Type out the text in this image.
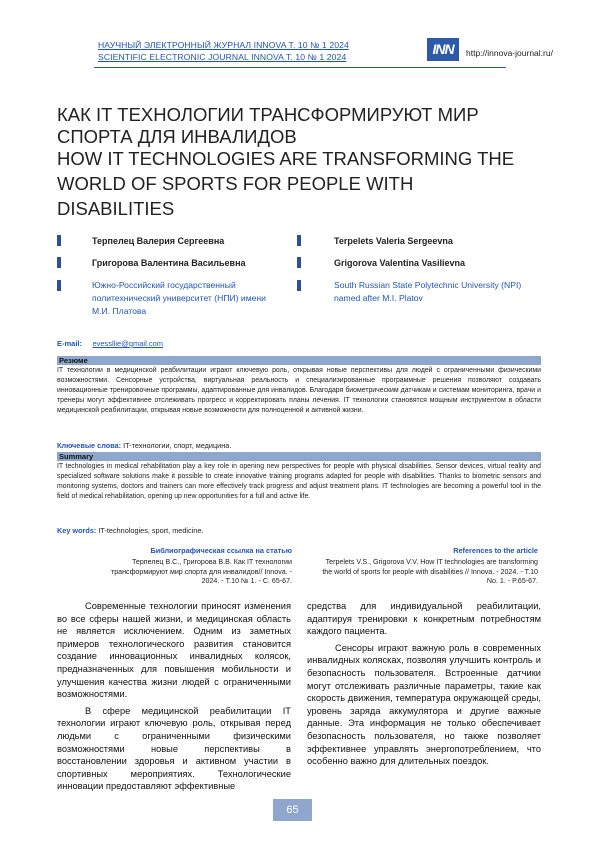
НАУЧНЫЙ ЭЛЕКТРОННЫЙ ЖУРНАЛ INNOVA Т. 10 № 1 2024
SCIENTIFIC ELECTRONIC JOURNAL INNOVA Т. 10 № 1 2024	INN	http://innova-journal.ru/
КАК IT ТЕХНОЛОГИИ ТРАНСФОРМИРУЮТ МИР СПОРТА ДЛЯ ИНВАЛИДОВ
HOW IT TECHNOLOGIES ARE TRANSFORMING THE WORLD OF SPORTS FOR PEOPLE WITH DISABILITIES
Терпелец Валерия Сергеевна	Terpelets Valeria Sergeevna
Григорова Валентина Васильевна	Grigorova Valentina Vasilievna
Южно-Российский государственный политехнический университет (НПИ) имени М.И. Платова
South Russian State Polytechnic University (NPI) named after M.I. Platov
E-mail: evessllie@gmail.com
Резюме
IT технологии в медицинской реабилитации играют ключевую роль, открывая новые перспективы для людей с ограниченными физическими возможностями. Сенсорные устройства, виртуальная реальность и специализированные программные решения позволяют создавать инновационные тренировочные программы, адаптированные для инвалидов. Благодаря биометрическим датчикам и системам мониторинга, врачи и тренеры могут эффективнее отслеживать прогресс и корректировать планы лечения. IT технологии становятся мощным инструментом в области медицинской реабилитации, открывая новые возможности для полноценной и активной жизни.
Ключевые слова: IT-технологии, спорт, медицина.
Summary
IT technologies in medical rehabilitation play a key role in opening new perspectives for people with physical disabilities. Sensor devices, virtual reality and specialized software solutions make it possible to create innovative training programs adapted for people with disabilities. Thanks to biometric sensors and monitoring systems, doctors and trainers can more effectively track progress and adjust treatment plans. IT technologies are becoming a powerful tool in the field of medical rehabilitation, opening up new opportunities for a full and active life.
Key words: IT-technologies, sport, medicine.
Библиографическая ссылка на статью
Терпелец В.С., Григорова В.В. Как IT технологии трансформируют мир спорта для инвалидов// Innova. - 2024. - Т.10 № 1. - С. 65-67.
References to the article
Terpelets V.S., Grigorova V.V. How IT technologies are transforming the world of sports for people with disabilities // Innova. - 2024. - Т.10 No. 1. - P.65-67.

Современные технологии приносят изменения во все сферы нашей жизни, и медицинская область не является исключением. Одним из заметных примеров технологического развития становится создание инновационных инвалидных колясок, предназначенных для повышения мобильности и улучшения качества жизни людей с ограниченными возможностями.

В сфере медицинской реабилитации IT технологии играют ключевую роль, открывая перед людьми с ограниченными физическими возможностями новые перспективы в восстановлении здоровья и активном участии в спортивных мероприятиях. Технологические инновации предоставляют эффективные

средства для индивидуальной реабилитации, адаптируя тренировки к конкретным потребностям каждого пациента.

Сенсоры играют важную роль в современных инвалидных колясках, позволяя улучшить контроль и безопасность пользователя. Встроенные датчики могут отслеживать различные параметры, такие как скорость движения, температура окружающей среды, уровень заряда аккумулятора и другие важные данные. Эта информация не только обеспечивает безопасность пользователя, но также позволяет эффективнее управлять энергопотреблением, что особенно важно для длительных поездок.

65
